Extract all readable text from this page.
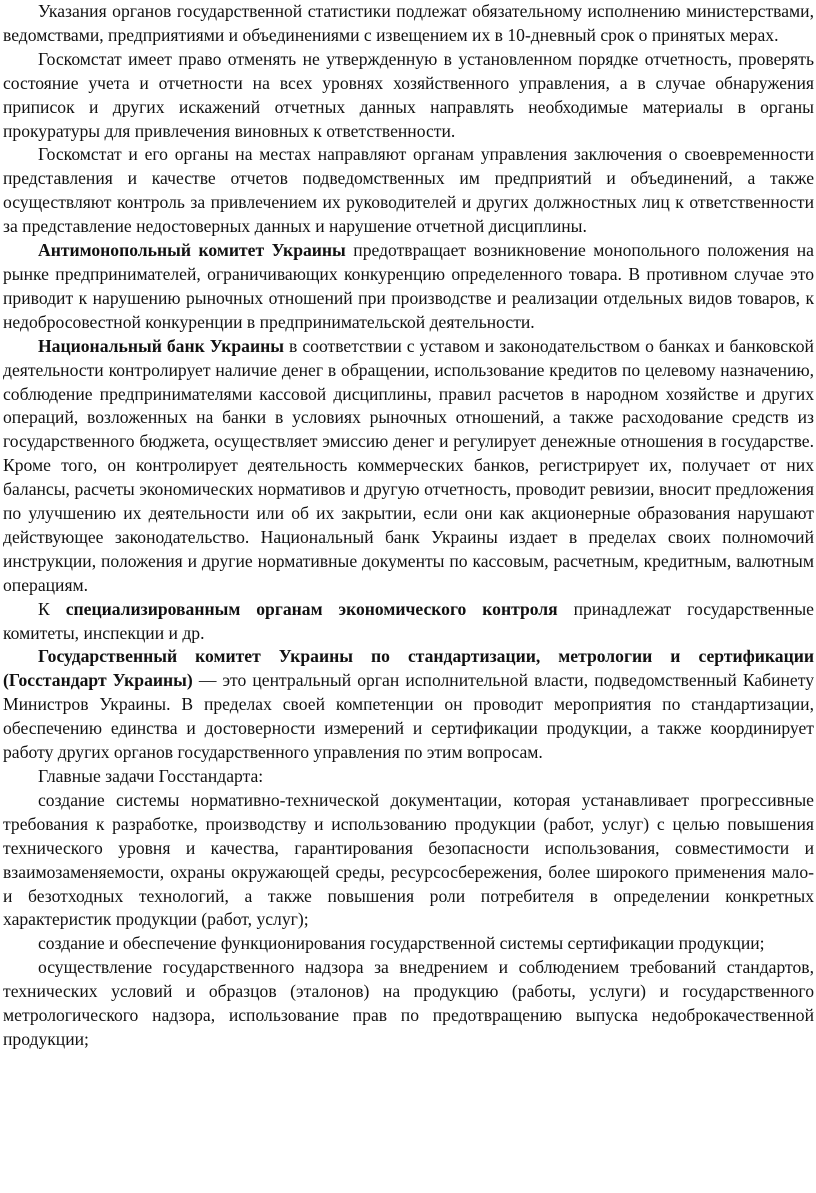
Указания органов государственной статистики подлежат обязательному исполнению министерствами, ведомствами, предприятиями и объединениями с извещением их в 10-дневный срок о принятых мерах.

Госкомстат имеет право отменять не утвержденную в установленном порядке отчетность, проверять состояние учета и отчетности на всех уровнях хозяйственного управления, а в случае обнаружения приписок и других искажений отчетных данных направлять необходимые материалы в органы прокуратуры для привлечения виновных к ответственности.

Госкомстат и его органы на местах направляют органам управления заключения о своевременности представления и качестве отчетов подведомственных им предприятий и объединений, а также осуществляют контроль за привлечением их руководителей и других должностных лиц к ответственности за представление недостоверных данных и нарушение отчетной дисциплины.

Антимонопольный комитет Украины предотвращает возникновение монопольного положения на рынке предпринимателей, ограничивающих конкуренцию определенного товара. В противном случае это приводит к нарушению рыночных отношений при производстве и реализации отдельных видов товаров, к недобросовестной конкуренции в предпринимательской деятельности.

Национальный банк Украины в соответствии с уставом и законодательством о банках и банковской деятельности контролирует наличие денег в обращении, использование кредитов по целевому назначению, соблюдение предпринимателями кассовой дисциплины, правил расчетов в народном хозяйстве и других операций, возложенных на банки в условиях рыночных отношений, а также расходование средств из государственного бюджета, осуществляет эмиссию денег и регулирует денежные отношения в государстве. Кроме того, он контролирует деятельность коммерческих банков, регистрирует их, получает от них балансы, расчеты экономических нормативов и другую отчетность, проводит ревизии, вносит предложения по улучшению их деятельности или об их закрытии, если они как акционерные образования нарушают действующее законодательство. Национальный банк Украины издает в пределах своих полномочий инструкции, положения и другие нормативные документы по кассовым, расчетным, кредитным, валютным операциям.

К специализированным органам экономического контроля принадлежат государственные комитеты, инспекции и др.

Государственный комитет Украины по стандартизации, метрологии и сертификации (Госстандарт Украины) — это центральный орган исполнительной власти, подведомственный Кабинету Министров Украины. В пределах своей компетенции он проводит мероприятия по стандартизации, обеспечению единства и достоверности измерений и сертификации продукции, а также координирует работу других органов государственного управления по этим вопросам.

Главные задачи Госстандарта:

создание системы нормативно-технической документации, которая устанавливает прогрессивные требования к разработке, производству и использованию продукции (работ, услуг) с целью повышения технического уровня и качества, гарантирования безопасности использования, совместимости и взаимозаменяемости, охраны окружающей среды, ресурсосбережения, более широкого применения мало- и безотходных технологий, а также повышения роли потребителя в определении конкретных характеристик продукции (работ, услуг);

создание и обеспечение функционирования государственной системы сертификации продукции;

осуществление государственного надзора за внедрением и соблюдением требований стандартов, технических условий и образцов (эталонов) на продукцию (работы, услуги) и государственного метрологического надзора, использование прав по предотвращению выпуска недоброкачественной продукции;
